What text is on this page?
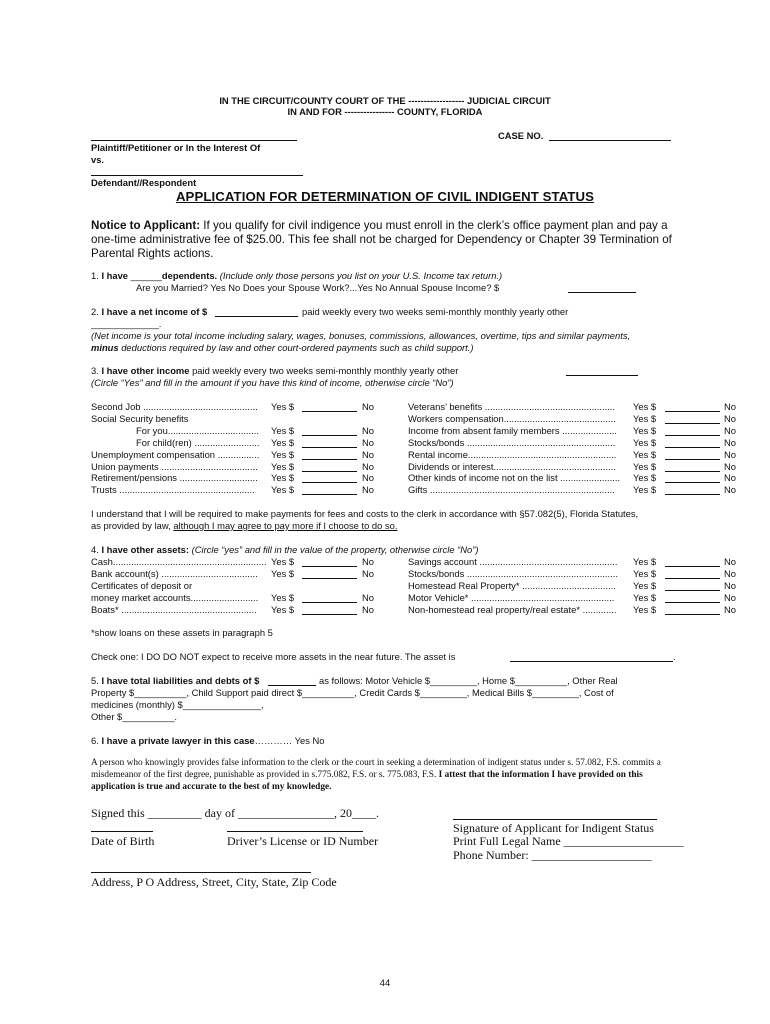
IN THE CIRCUIT/COUNTY COURT OF THE ------------------ JUDICIAL CIRCUIT
IN AND FOR ---------------- COUNTY, FLORIDA
CASE NO.
Plaintiff/Petitioner or In the Interest Of
vs.
Defendant//Respondent
APPLICATION FOR DETERMINATION OF CIVIL INDIGENT STATUS
Notice to Applicant: If you qualify for civil indigence you must enroll in the clerk’s office payment plan and pay a one-time administrative fee of $25.00. This fee shall not be charged for Dependency or Chapter 39 Termination of Parental Rights actions.
1. I have ______dependents. (Include only those persons you list on your U.S. Income tax return.)
Are you Married? Yes No Does your Spouse Work?...Yes No Annual Spouse Income? $
2. I have a net income of $	paid weekly every two weeks semi-monthly monthly yearly other
_____________.
(Net income is your total income including salary, wages, bonuses, commissions, allowances, overtime, tips and similar payments,
minus deductions required by law and other court-ordered payments such as child support.)
3. I have other income paid weekly every two weeks semi-monthly monthly yearly other
(Circle “Yes” and fill in the amount if you have this kind of income, otherwise circle “No”)
Second Job ............................................	Yes $	No
Social Security benefits
For you...................................	Yes $	No
For child(ren) .........................	Yes $	No
Unemployment compensation ................	Yes $	No
Union payments .....................................	Yes $	No
Retirement/pensions ..............................	Yes $	No
Trusts ....................................................	Yes $	No
Veterans’ benefits ..................................................	Yes $	No
Workers compensation...........................................	Yes $	No
Income from absent family members .....................	Yes $	No
Stocks/bonds .........................................................	Yes $	No
Rental income.........................................................	Yes $	No
Dividends or interest...............................................	Yes $	No
Other kinds of income not on the list .......................	Yes $	No
Gifts .......................................................................	Yes $	No
I understand that I will be required to make payments for fees and costs to the clerk in accordance with §57.082(5), Florida Statutes,
as provided by law, although I may agree to pay more if I choose to do so.
4. I have other assets: (Circle “yes” and fill in the value of the property, otherwise circle “No”)
Cash........................................................... Yes $	No
Bank account(s) .....................................	Yes $	No
Certificates of deposit or
money market accounts..........................	Yes $	No
Boats* ....................................................	Yes $	No
Savings account .....................................................	Yes $	No
Stocks/bonds ..........................................................	Yes $	No
Homestead Real Property* ....................................	Yes $	No
Motor Vehicle* .......................................................	Yes $	No
Non-homestead real property/real estate* .............	Yes $	No
*show loans on these assets in paragraph 5
Check one: I DO DO NOT expect to receive more assets in the near future. The asset is	.
5. I have total liabilities and debts of $	as follows: Motor Vehicle $_________, Home $__________, Other Real
Property $__________, Child Support paid direct $__________, Credit Cards $_________, Medical Bills $_________, Cost of
medicines (monthly) $_______________,
Other $__________.
6. I have a private lawyer in this case………… Yes No
A person who knowingly provides false information to the clerk or the court in seeking a determination of indigent status under s. 57.082, F.S. commits a misdemeanor of the first degree, punishable as provided in s.775.082, F.S. or s. 775.083, F.S. I attest that the information I have provided on this application is true and accurate to the best of my knowledge.
Signed this _________ day of ________________, 20____.
Signature of Applicant for Indigent Status
Date of Birth	Driver’s License or ID Number	Print Full Legal Name ____________________
Phone Number: ____________________
Address, P O Address, Street, City, State, Zip Code
44
